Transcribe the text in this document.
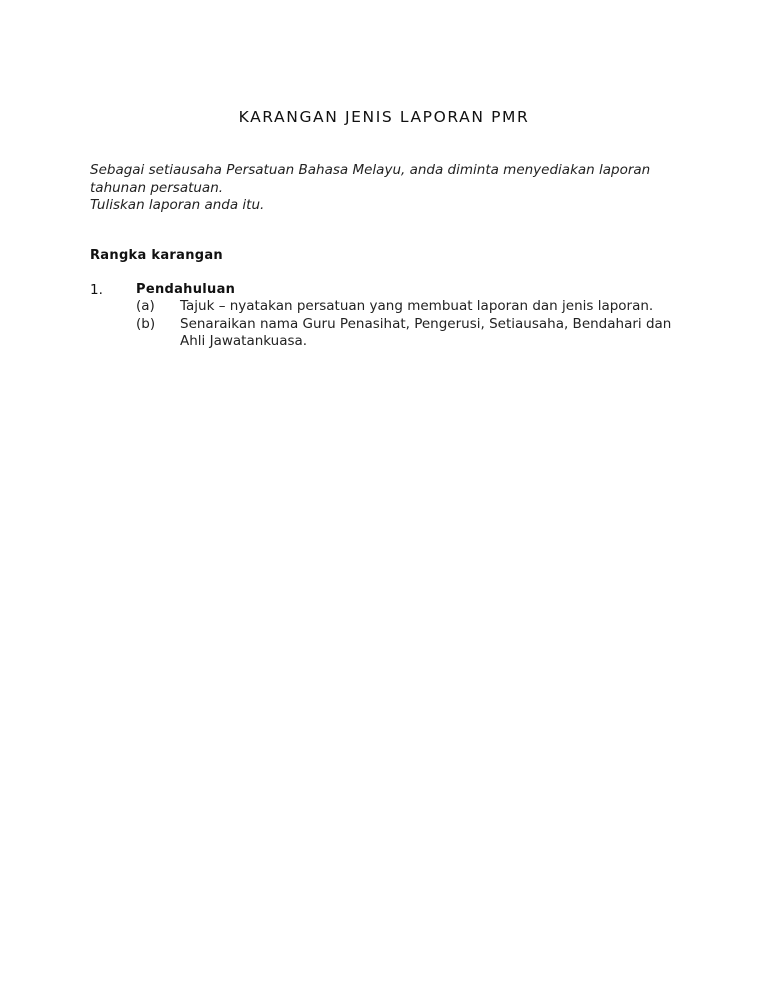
KARANGAN JENIS LAPORAN PMR
Sebagai setiausaha Persatuan Bahasa Melayu, anda diminta menyediakan laporan
tahunan persatuan.
Tuliskan laporan anda itu.
Rangka karangan
1.	Pendahuluan
(a) Tajuk – nyatakan persatuan yang membuat laporan dan jenis laporan.
(b) Senaraikan nama Guru Penasihat, Pengerusi, Setiausaha, Bendahari dan
Ahli Jawatankuasa.
